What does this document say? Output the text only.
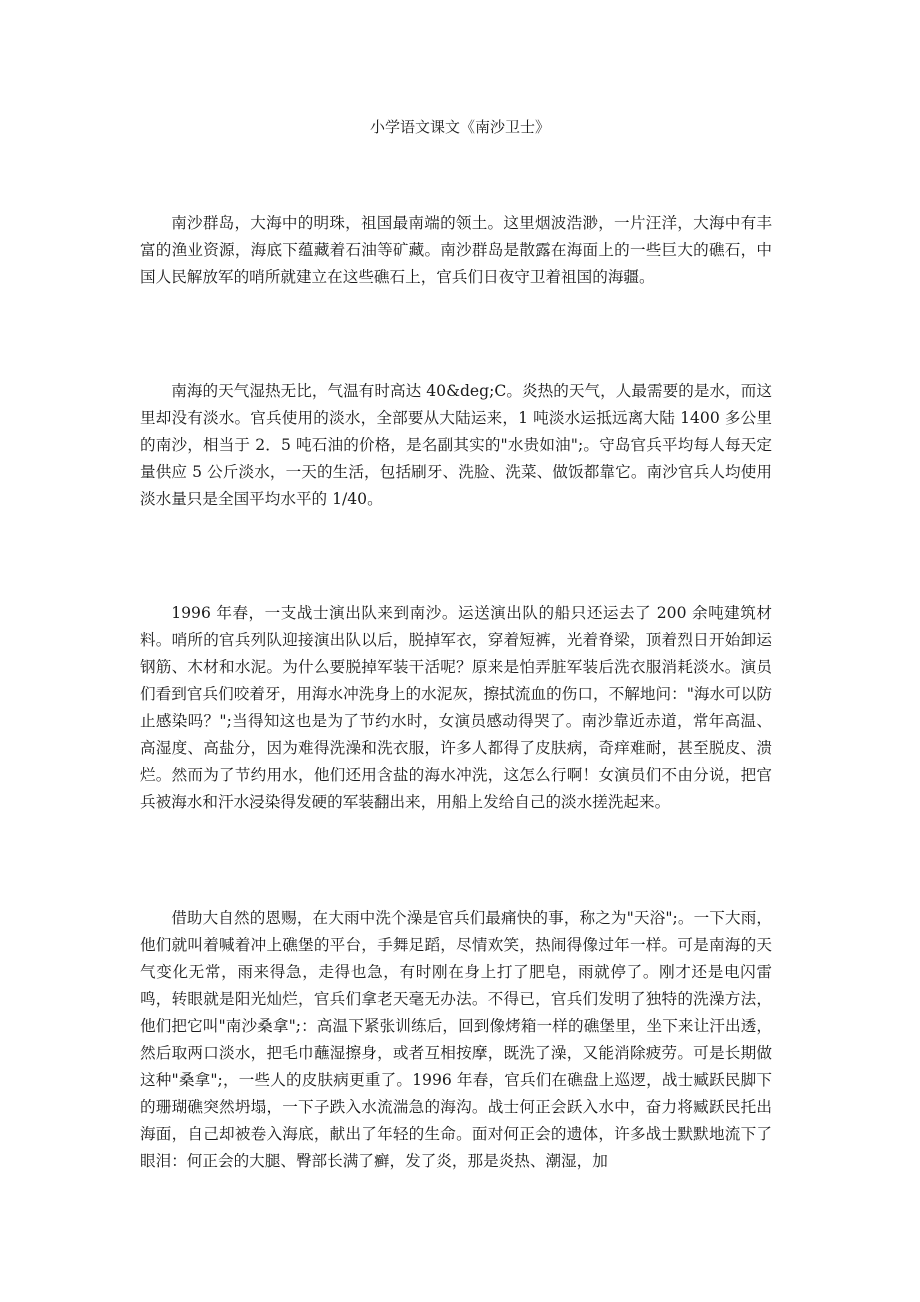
小学语文课文《南沙卫士》

南沙群岛，大海中的明珠，祖国最南端的领土。这里烟波浩渺，一片汪洋，大海中有丰富的渔业资源，海底下蕴藏着石油等矿藏。南沙群岛是散露在海面上的一些巨大的礁石，中国人民解放军的哨所就建立在这些礁石上，官兵们日夜守卫着祖国的海疆。

南海的天气湿热无比，气温有时高达 40&deg;C。炎热的天气，人最需要的是水，而这里却没有淡水。官兵使用的淡水，全部要从大陆运来，1 吨淡水运抵远离大陆 1400 多公里的南沙，相当于 2．5 吨石油的价格，是名副其实的"水贵如油";。守岛官兵平均每人每天定量供应 5 公斤淡水，一天的生活，包括刷牙、洗脸、洗菜、做饭都靠它。南沙官兵人均使用淡水量只是全国平均水平的 1/40。

1996 年春，一支战士演出队来到南沙。运送演出队的船只还运去了 200 余吨建筑材料。哨所的官兵列队迎接演出队以后，脱掉军衣，穿着短裤，光着脊梁，顶着烈日开始卸运钢筋、木材和水泥。为什么要脱掉军装干活呢？原来是怕弄脏军装后洗衣服消耗淡水。演员们看到官兵们咬着牙，用海水冲洗身上的水泥灰，擦拭流血的伤口，不解地问："海水可以防止感染吗？";当得知这也是为了节约水时，女演员感动得哭了。南沙靠近赤道，常年高温、高湿度、高盐分，因为难得洗澡和洗衣服，许多人都得了皮肤病，奇痒难耐，甚至脱皮、溃烂。然而为了节约用水，他们还用含盐的海水冲洗，这怎么行啊！女演员们不由分说，把官兵被海水和汗水浸染得发硬的军装翻出来，用船上发给自己的淡水搓洗起来。

借助大自然的恩赐，在大雨中洗个澡是官兵们最痛快的事，称之为"天浴";。一下大雨，他们就叫着喊着冲上礁堡的平台，手舞足蹈，尽情欢笑，热闹得像过年一样。可是南海的天气变化无常，雨来得急，走得也急，有时刚在身上打了肥皂，雨就停了。刚才还是电闪雷鸣，转眼就是阳光灿烂，官兵们拿老天毫无办法。不得已，官兵们发明了独特的洗澡方法，他们把它叫"南沙桑拿";：高温下紧张训练后，回到像烤箱一样的礁堡里，坐下来让汗出透，然后取两口淡水，把毛巾蘸湿擦身，或者互相按摩，既洗了澡，又能消除疲劳。可是长期做这种"桑拿";，一些人的皮肤病更重了。1996 年春，官兵们在礁盘上巡逻，战士臧跃民脚下的珊瑚礁突然坍塌，一下子跌入水流湍急的海沟。战士何正会跃入水中，奋力将臧跃民托出海面，自己却被卷入海底，献出了年轻的生命。面对何正会的遗体，许多战士默默地流下了眼泪：何正会的大腿、臀部长满了癣，发了炎，那是炎热、潮湿，加
